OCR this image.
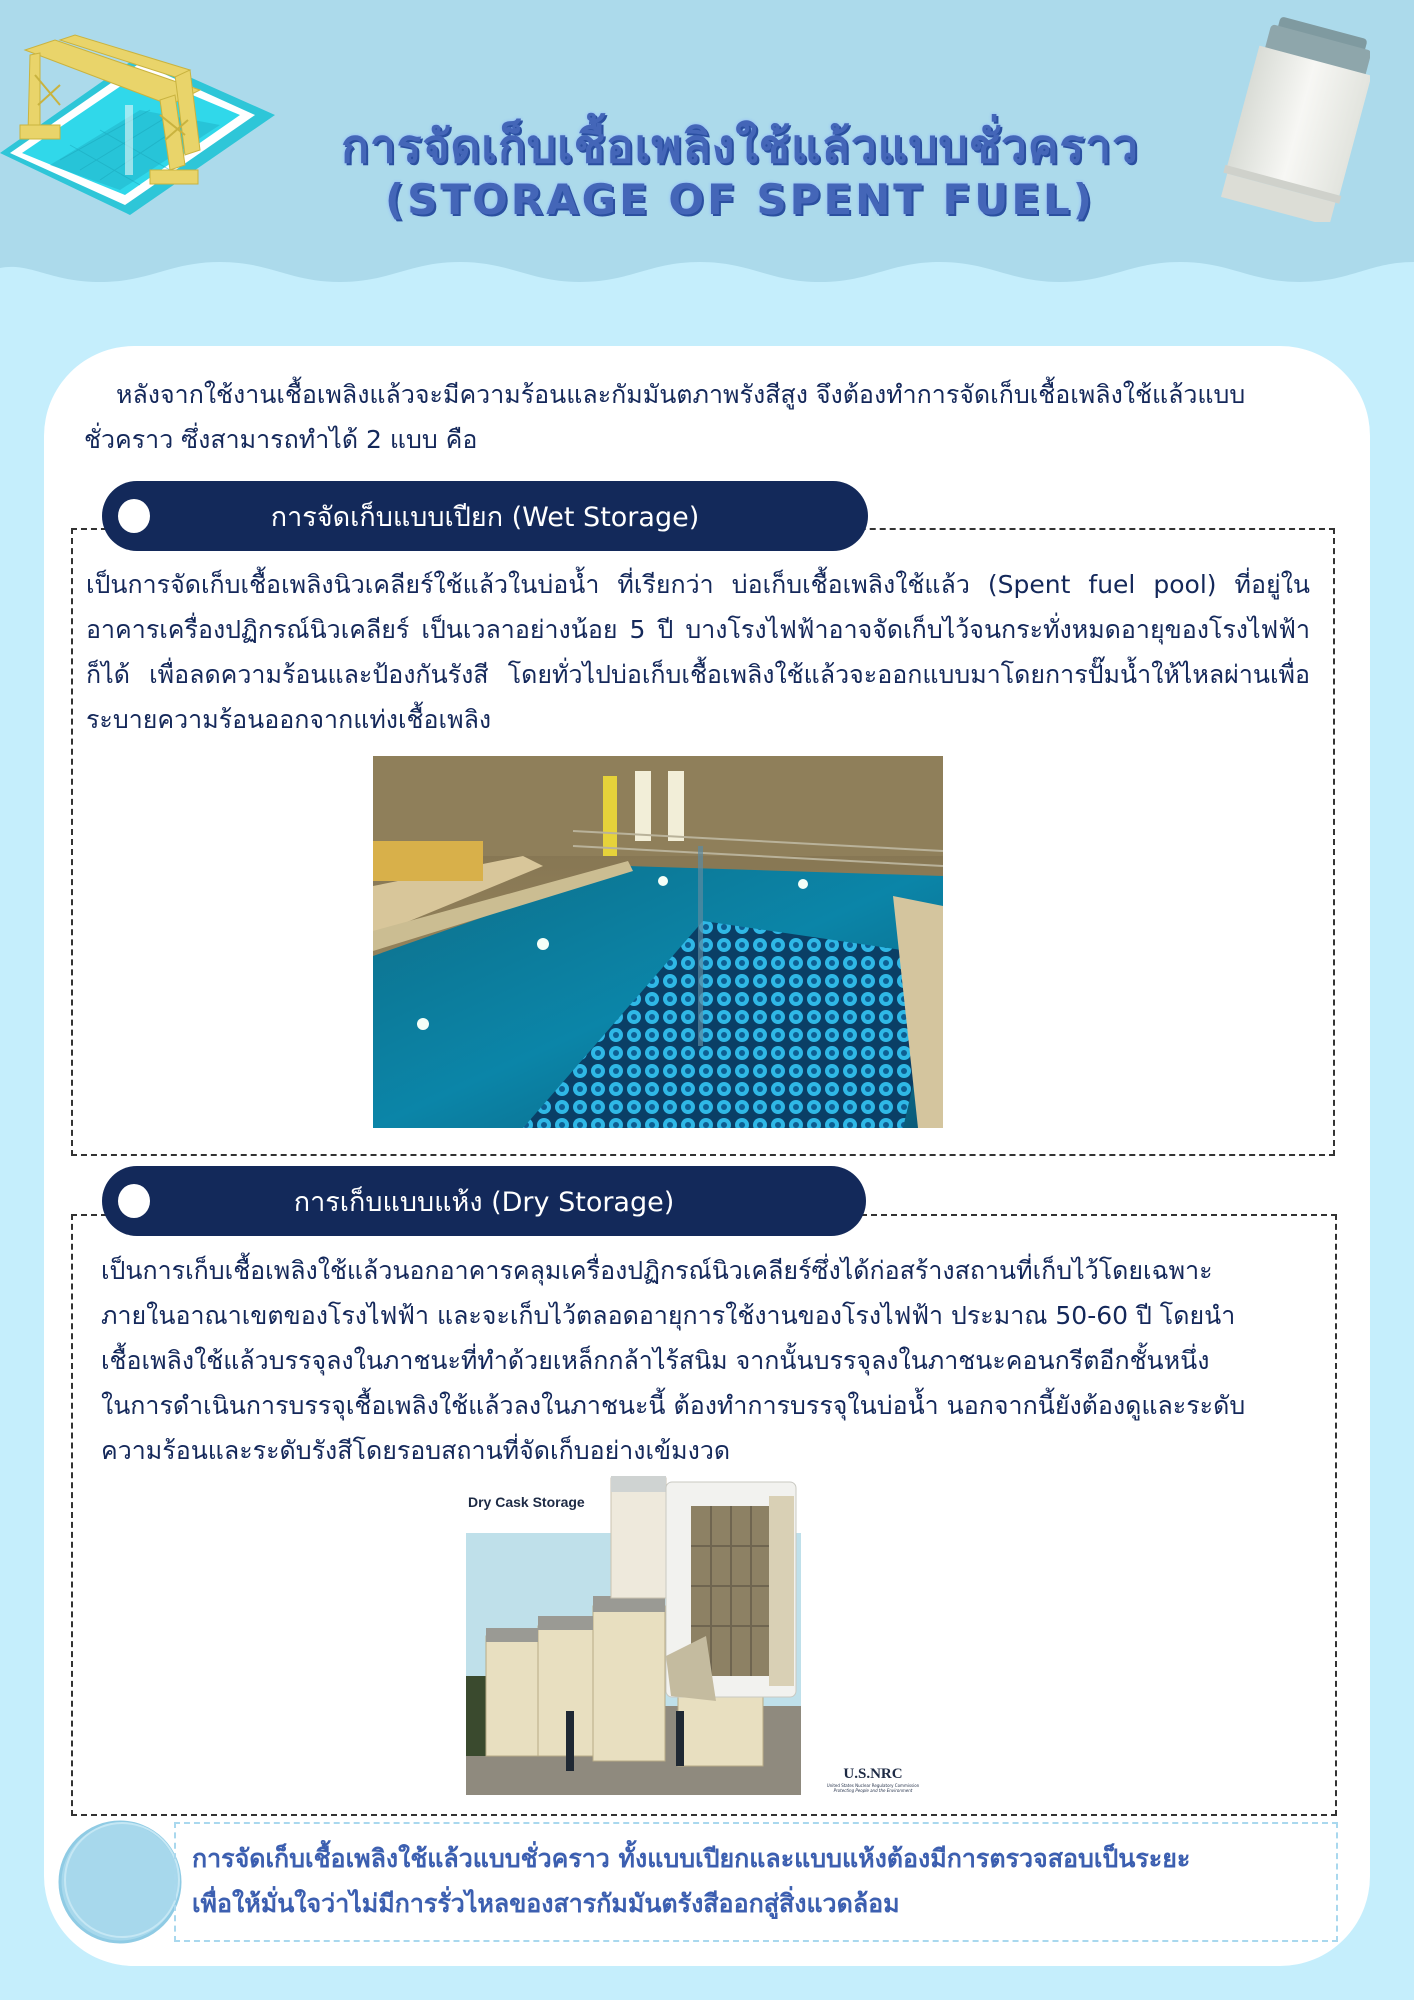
การจัดเก็บเชื้อเพลิงใช้แล้วแบบชั่วคราว
(STORAGE OF SPENT FUEL)

หลังจากใช้งานเชื้อเพลิงแล้วจะมีความร้อนและกัมมันตภาพรังสีสูง จึงต้องทำการจัดเก็บเชื้อเพลิงใช้แล้วแบบชั่วคราว ซึ่งสามารถทำได้ 2 แบบ คือ

การจัดเก็บแบบเปียก (Wet Storage)

เป็นการจัดเก็บเชื้อเพลิงนิวเคลียร์ใช้แล้วในบ่อน้ำ ที่เรียกว่า บ่อเก็บเชื้อเพลิงใช้แล้ว (Spent fuel pool) ที่อยู่ในอาคารเครื่องปฏิกรณ์นิวเคลียร์ เป็นเวลาอย่างน้อย 5 ปี บางโรงไฟฟ้าอาจจัดเก็บไว้จนกระทั่งหมดอายุของโรงไฟฟ้าก็ได้ เพื่อลดความร้อนและป้องกันรังสี โดยทั่วไปบ่อเก็บเชื้อเพลิงใช้แล้วจะออกแบบมาโดยการปั๊มน้ำให้ไหลผ่านเพื่อระบายความร้อนออกจากแท่งเชื้อเพลิง

การเก็บแบบแห้ง (Dry Storage)
เป็นการเก็บเชื้อเพลิงใช้แล้วนอกอาคารคลุมเครื่องปฏิกรณ์นิวเคลียร์ซึ่งได้ก่อสร้างสถานที่เก็บไว้โดยเฉพาะ
ภายในอาณาเขตของโรงไฟฟ้า และจะเก็บไว้ตลอดอายุการใช้งานของโรงไฟฟ้า ประมาณ 50-60 ปี โดยนำ
เชื้อเพลิงใช้แล้วบรรจุลงในภาชนะที่ทำด้วยเหล็กกล้าไร้สนิม จากนั้นบรรจุลงในภาชนะคอนกรีตอีกชั้นหนึ่ง
ในการดำเนินการบรรจุเชื้อเพลิงใช้แล้วลงในภาชนะนี้ ต้องทำการบรรจุในบ่อน้ำ นอกจากนี้ยังต้องดูและระดับ
ความร้อนและระดับรังสีโดยรอบสถานที่จัดเก็บอย่างเข้มงวด
Dry Cask Storage
U.S.NRC
United States Nuclear Regulatory Commission
Protecting People and the Environment
การจัดเก็บเชื้อเพลิงใช้แล้วแบบชั่วคราว ทั้งแบบเปียกและแบบแห้งต้องมีการตรวจสอบเป็นระยะ
เพื่อให้มั่นใจว่าไม่มีการรั่วไหลของสารกัมมันตรังสีออกสู่สิ่งแวดล้อม
